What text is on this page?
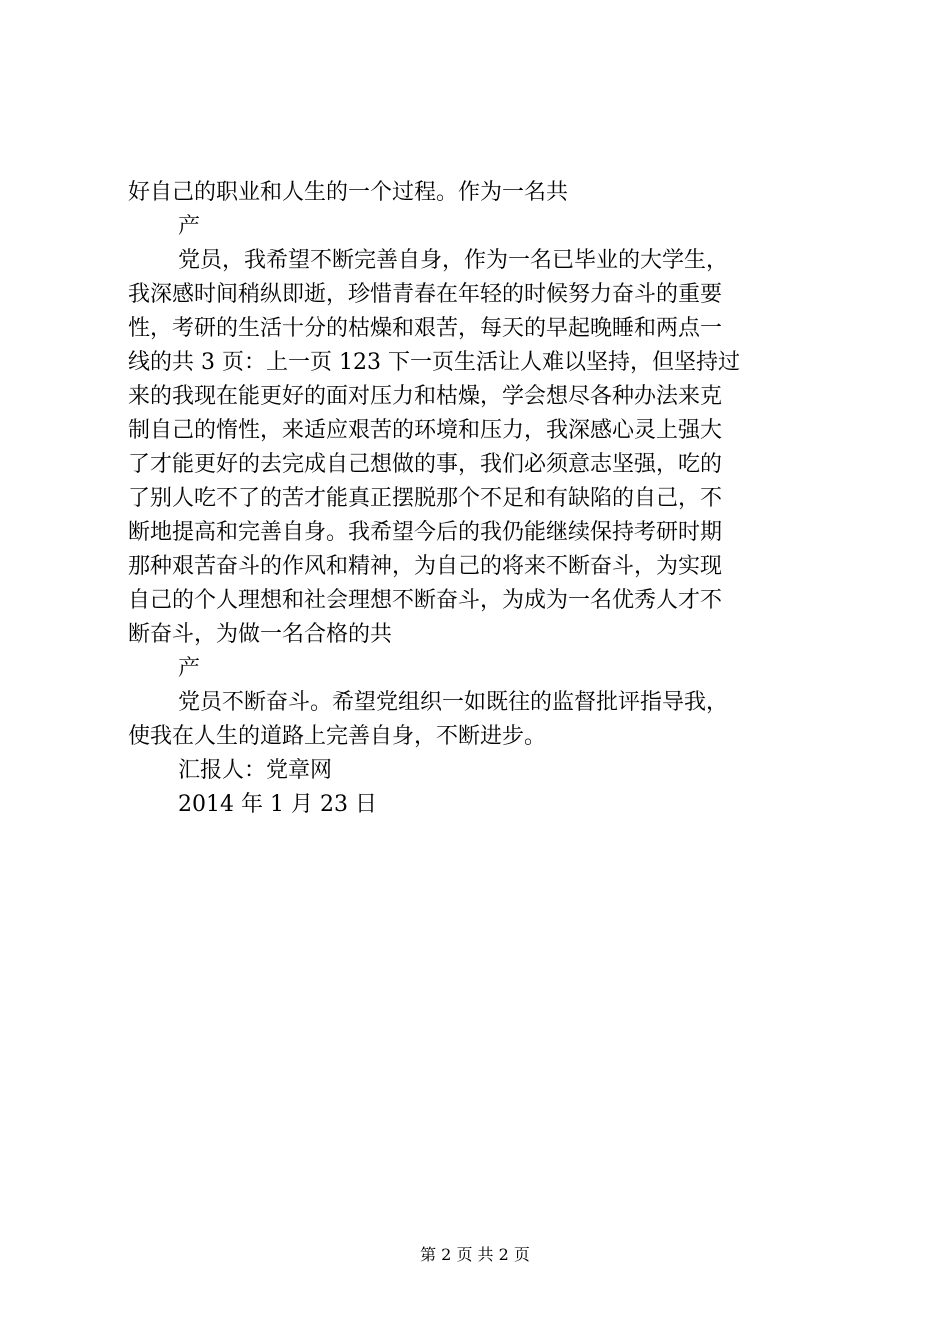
好自己的职业和人生的一个过程。作为一名共
产
党员，我希望不断完善自身，作为一名已毕业的大学生，
我深感时间稍纵即逝，珍惜青春在年轻的时候努力奋斗的重要
性，考研的生活十分的枯燥和艰苦，每天的早起晚睡和两点一
线的共 3 页：上一页 123 下一页生活让人难以坚持，但坚持过
来的我现在能更好的面对压力和枯燥，学会想尽各种办法来克
制自己的惰性，来适应艰苦的环境和压力，我深感心灵上强大
了才能更好的去完成自己想做的事，我们必须意志坚强，吃的
了别人吃不了的苦才能真正摆脱那个不足和有缺陷的自己，不
断地提高和完善自身。我希望今后的我仍能继续保持考研时期
那种艰苦奋斗的作风和精神，为自己的将来不断奋斗，为实现
自己的个人理想和社会理想不断奋斗，为成为一名优秀人才不
断奋斗，为做一名合格的共
产
党员不断奋斗。希望党组织一如既往的监督批评指导我，
使我在人生的道路上完善自身，不断进步。
汇报人：党章网
2014 年 1 月 23 日
第 2 页 共 2 页
